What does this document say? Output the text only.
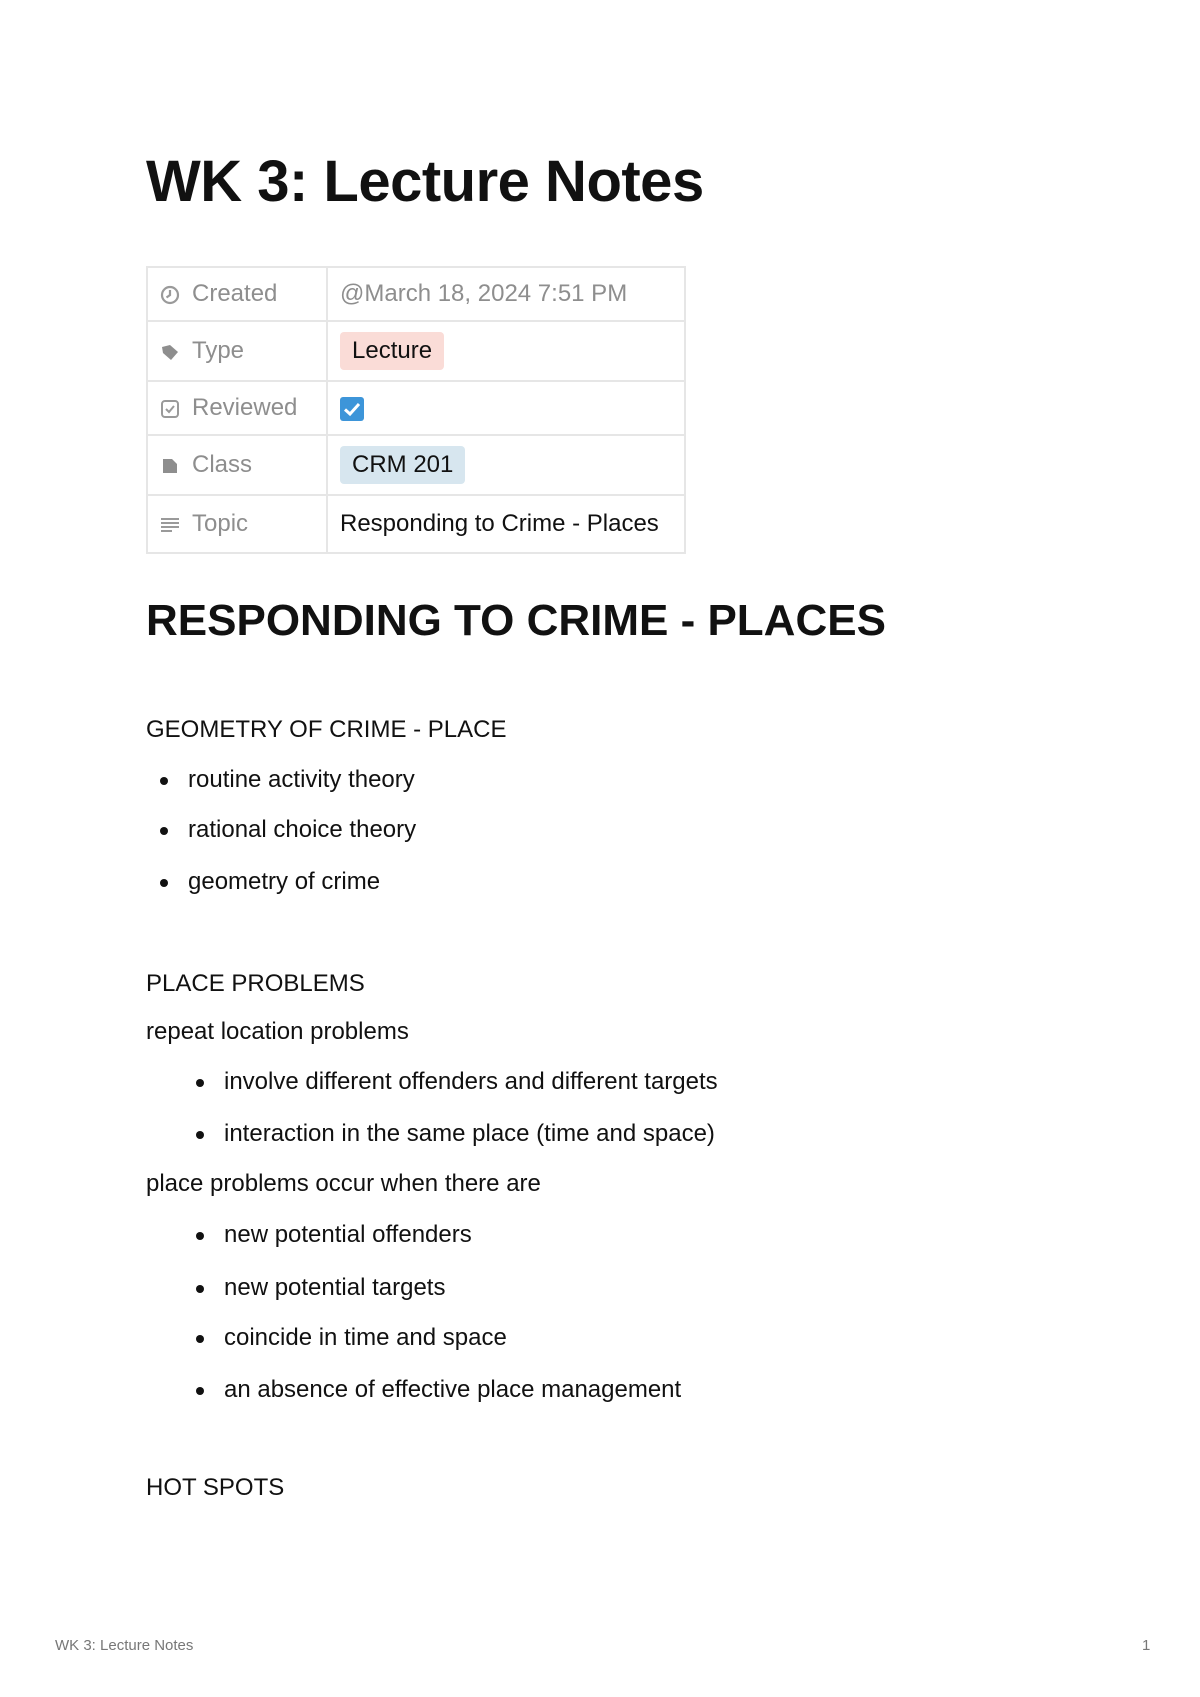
WK 3: Lecture Notes
Created	@March 18, 2024 7:51 PM

Type	Lecture

Reviewed

Class	CRM 201

Topic	Responding to Crime - Places
RESPONDING TO CRIME - PLACES

GEOMETRY OF CRIME - PLACE

routine activity theory
rational choice theory
geometry of crime

PLACE PROBLEMS

repeat location problems

involve different offenders and different targets
interaction in the same place (time and space)

place problems occur when there are

new potential offenders
new potential targets
coincide in time and space
an absence of effective place management

HOT SPOTS

WK 3: Lecture Notes	1
